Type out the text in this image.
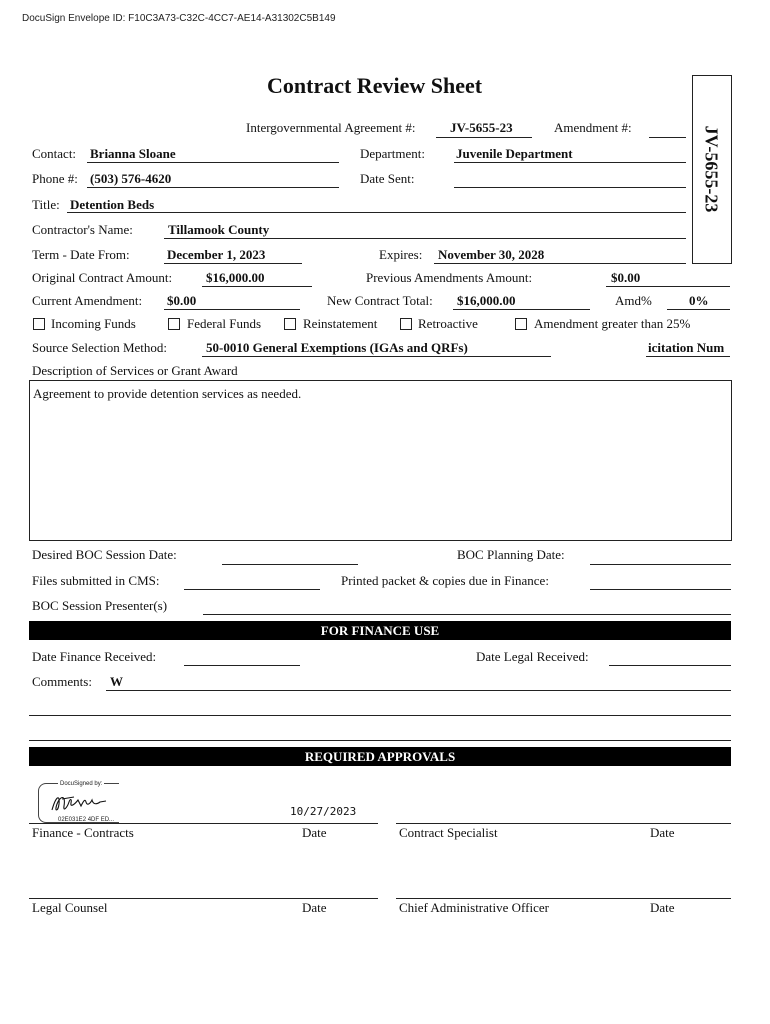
DocuSign Envelope ID: F10C3A73-C32C-4CC7-AE14-A31302C5B149
Contract Review Sheet
JV-5655-23
Intergovernmental Agreement #:	JV-5655-23	Amendment #:
Contact: Brianna Sloane	Department: Juvenile Department
Phone #: (503) 576-4620	Date Sent:
Title: Detention Beds
Contractor's Name:	Tillamook County
Term - Date From:	December 1, 2023	Expires: November 30, 2028
Original Contract Amount:	$16,000.00	Previous Amendments Amount:	$0.00
Current Amendment: $0.00	New Contract Total: $16,000.00	Amd%	0%
Incoming Funds	Federal Funds	Reinstatement	Retroactive	Amendment greater than 25%
Source Selection Method:	50-0010 General Exemptions (IGAs and QRFs)	icitation Num
Description of Services or Grant Award
Agreement to provide detention services as needed.
Desired BOC Session Date:	BOC Planning Date:
Files submitted in CMS:	Printed packet & copies due in Finance:
BOC Session Presenter(s)
FOR FINANCE USE
Date Finance Received:	Date Legal Received:
Comments: W
REQUIRED APPROVALS
DocuSigned by:
02E031E2 4DF ED...
10/27/2023
Finance - Contracts	Date	Contract Specialist	Date
Legal Counsel	Date	Chief Administrative Officer	Date
